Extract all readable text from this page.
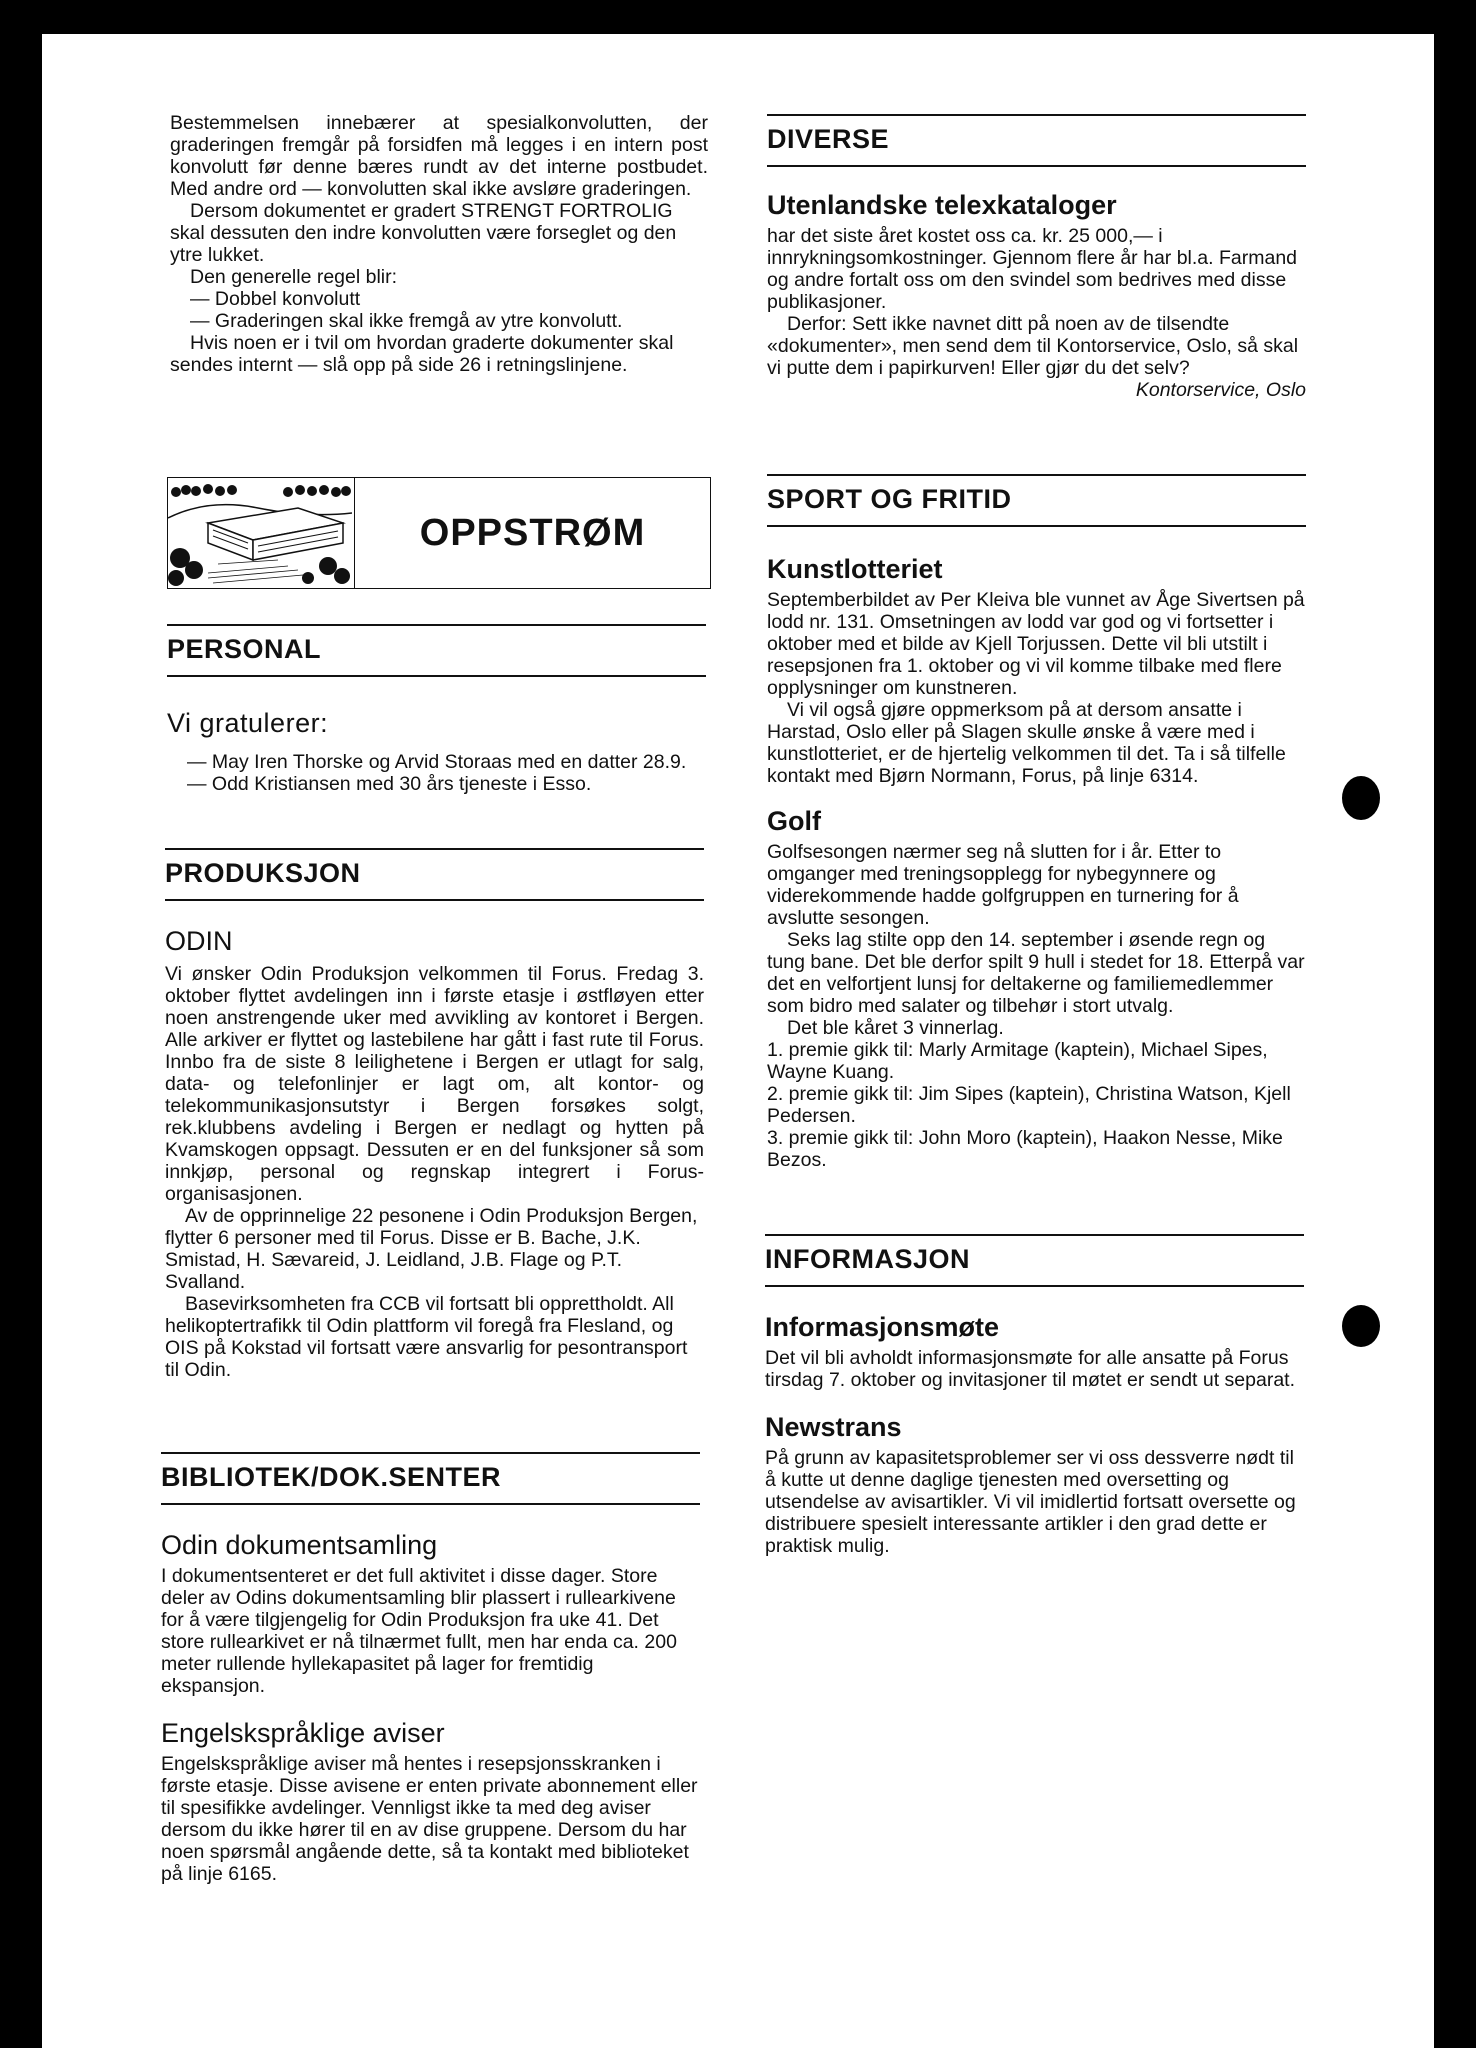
Bestemmelsen innebærer at spesialkonvolutten, der graderingen fremgår på forsidfen må legges i en intern post konvolutt før denne bæres rundt av det interne postbudet. Med andre ord — konvolutten skal ikke avsløre graderingen.

Dersom dokumentet er gradert STRENGT FORTROLIG skal dessuten den indre konvolutten være forseglet og den ytre lukket.

Den generelle regel blir:

— Dobbel konvolutt

— Graderingen skal ikke fremgå av ytre konvolutt.

Hvis noen er i tvil om hvordan graderte dokumenter skal sendes internt — slå opp på side 26 i retningslinjene.

OPPSTRØM
PERSONAL
Vi gratulerer:

— May Iren Thorske og Arvid Storaas med en datter 28.9.

— Odd Kristiansen med 30 års tjeneste i Esso.

PRODUKSJON
ODIN

Vi ønsker Odin Produksjon velkommen til Forus. Fredag 3. oktober flyttet avdelingen inn i første etasje i østfløyen etter noen anstrengende uker med avvikling av kontoret i Bergen. Alle arkiver er flyttet og lastebilene har gått i fast rute til Forus. Innbo fra de siste 8 leilighetene i Bergen er utlagt for salg, data- og telefonlinjer er lagt om, alt kontor- og telekommunikasjonsutstyr i Bergen forsøkes solgt, rek.klubbens avdeling i Bergen er nedlagt og hytten på Kvamskogen oppsagt. Dessuten er en del funksjoner så som innkjøp, personal og regnskap integrert i Forus-organisasjonen.

Av de opprinnelige 22 pesonene i Odin Produksjon Bergen, flytter 6 personer med til Forus. Disse er B. Bache, J.K. Smistad, H. Sævareid, J. Leidland, J.B. Flage og P.T. Svalland.

Basevirksomheten fra CCB vil fortsatt bli opprettholdt. All helikoptertrafikk til Odin plattform vil foregå fra Flesland, og OIS på Kokstad vil fortsatt være ansvarlig for pesontransport til Odin.

BIBLIOTEK/DOK.SENTER
Odin dokumentsamling

I dokumentsenteret er det full aktivitet i disse dager. Store deler av Odins dokumentsamling blir plassert i rullearkivene for å være tilgjengelig for Odin Produksjon fra uke 41. Det store rullearkivet er nå tilnærmet fullt, men har enda ca. 200 meter rullende hyllekapasitet på lager for fremtidig ekspansjon.

Engelskspråklige aviser

Engelskspråklige aviser må hentes i resepsjonsskranken i første etasje. Disse avisene er enten private abonnement eller til spesifikke avdelinger. Vennligst ikke ta med deg aviser dersom du ikke hører til en av dise gruppene. Dersom du har noen spørsmål angående dette, så ta kontakt med biblioteket på linje 6165.

DIVERSE
Utenlandske telexkataloger

har det siste året kostet oss ca. kr. 25 000,— i innrykningsomkostninger. Gjennom flere år har bl.a. Farmand og andre fortalt oss om den svindel som bedrives med disse publikasjoner.

Derfor: Sett ikke navnet ditt på noen av de tilsendte «dokumenter», men send dem til Kontorservice, Oslo, så skal vi putte dem i papirkurven! Eller gjør du det selv?

Kontorservice, Oslo

SPORT OG FRITID
Kunstlotteriet

Septemberbildet av Per Kleiva ble vunnet av Åge Sivertsen på lodd nr. 131. Omsetningen av lodd var god og vi fortsetter i oktober med et bilde av Kjell Torjussen. Dette vil bli utstilt i resepsjonen fra 1. oktober og vi vil komme tilbake med flere opplysninger om kunstneren.

Vi vil også gjøre oppmerksom på at dersom ansatte i Harstad, Oslo eller på Slagen skulle ønske å være med i kunstlotteriet, er de hjertelig velkommen til det. Ta i så tilfelle kontakt med Bjørn Normann, Forus, på linje 6314.

Golf

Golfsesongen nærmer seg nå slutten for i år. Etter to omganger med treningsopplegg for nybegynnere og viderekommende hadde golfgruppen en turnering for å avslutte sesongen.

Seks lag stilte opp den 14. september i øsende regn og tung bane. Det ble derfor spilt 9 hull i stedet for 18. Etterpå var det en velfortjent lunsj for deltakerne og familiemedlemmer som bidro med salater og tilbehør i stort utvalg.

Det ble kåret 3 vinnerlag.

1. premie gikk til: Marly Armitage (kaptein), Michael Sipes, Wayne Kuang.

2. premie gikk til: Jim Sipes (kaptein), Christina Watson, Kjell Pedersen.

3. premie gikk til: John Moro (kaptein), Haakon Nesse, Mike Bezos.

INFORMASJON
Informasjonsmøte

Det vil bli avholdt informasjonsmøte for alle ansatte på Forus tirsdag 7. oktober og invitasjoner til møtet er sendt ut separat.

Newstrans

På grunn av kapasitetsproblemer ser vi oss dessverre nødt til å kutte ut denne daglige tjenesten med oversetting og utsendelse av avisartikler. Vi vil imidlertid fortsatt oversette og distribuere spesielt interessante artikler i den grad dette er praktisk mulig.
